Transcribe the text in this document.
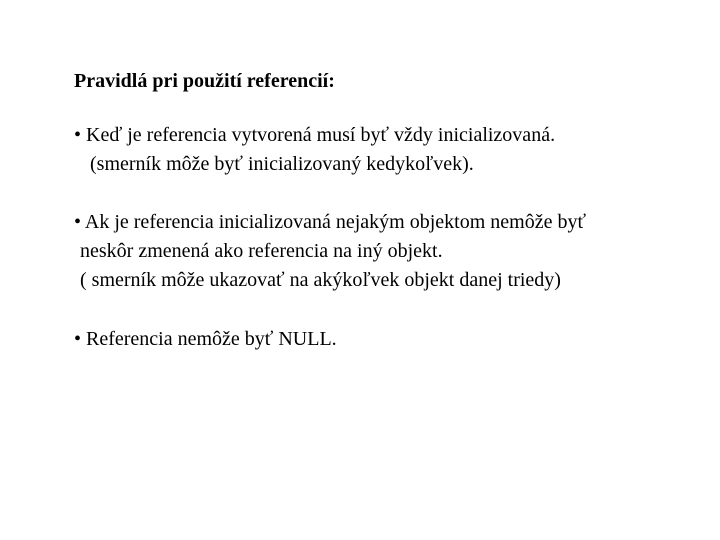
Pravidlá pri použití referencií:
• Keď je referencia vytvorená musí byť vždy inicializovaná.
(smerník môže byť inicializovaný kedykoľvek).
• Ak je referencia inicializovaná nejakým objektom nemôže byť
neskôr zmenená ako referencia na iný objekt.
( smerník môže ukazovať na akýkoľvek objekt danej triedy)
• Referencia nemôže byť NULL.
